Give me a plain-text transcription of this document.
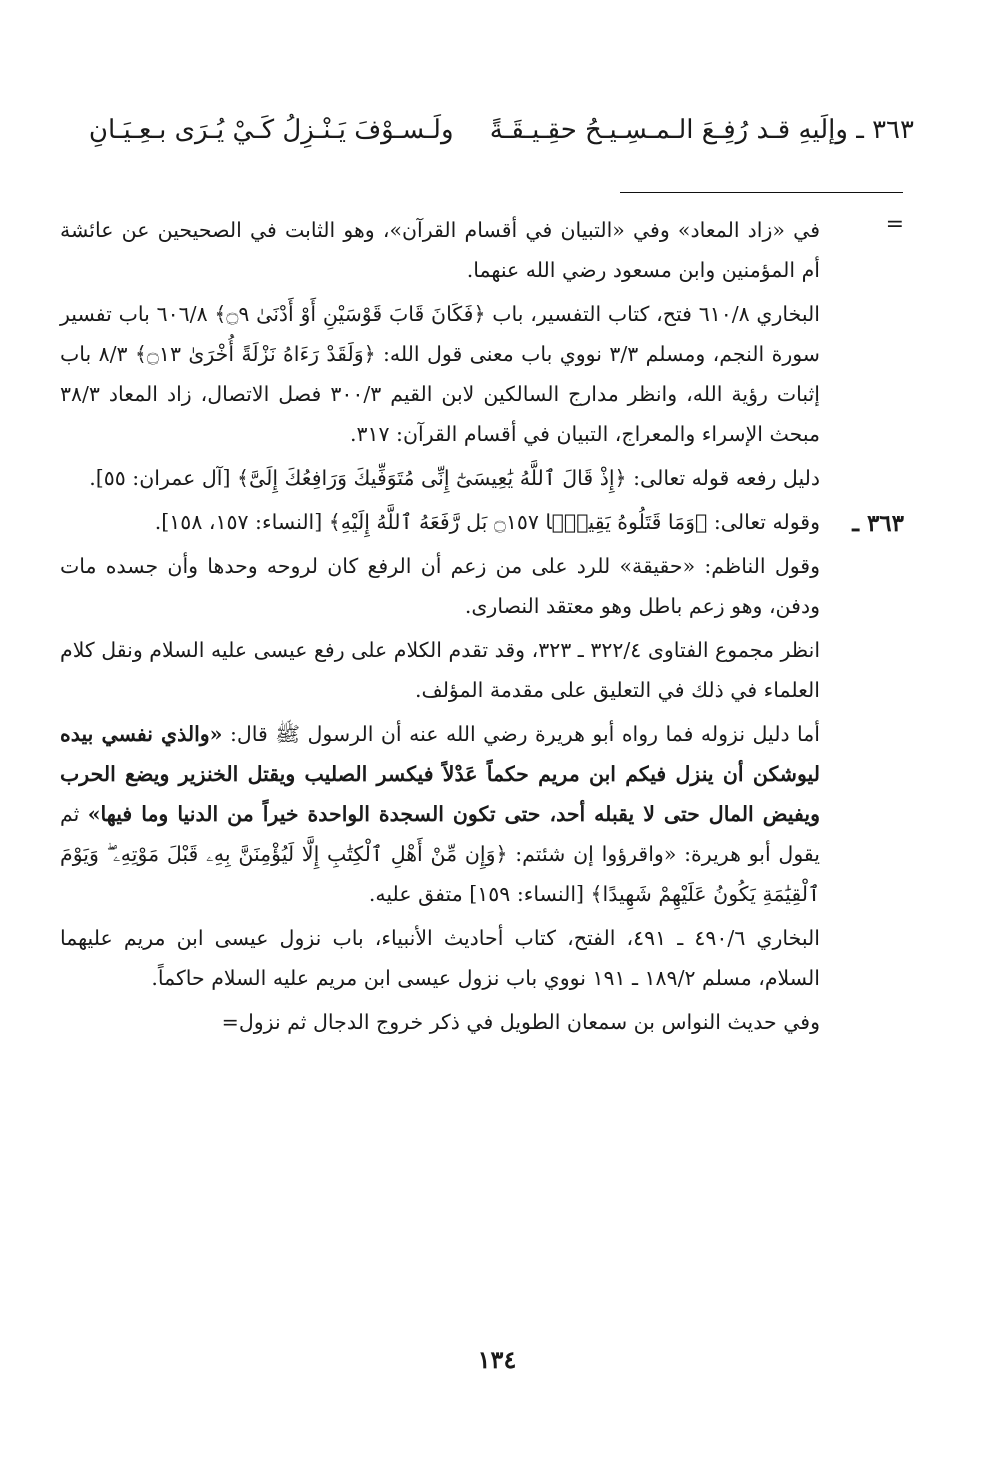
٣٦٣ ـ وإلَيهِ قـد رُفِـعَ الـمـسِـيـحُ حقِـيـقَـةً ولَـسـوْفَ يَـنْـزِلُ كَـيْ يُـرَى بـعِـيَـانِ
=
٣٦٣ ـ

في «زاد المعاد» وفي «التبيان في أقسام القرآن»، وهو الثابت في الصحيحين عن عائشة أم المؤمنين وابن مسعود رضي الله عنهما.

البخاري ٦١٠/٨ فتح، كتاب التفسير، باب ﴿فَكَانَ قَابَ قَوْسَيْنِ أَوْ أَدْنَىٰ ۝٩﴾ ٦٠٦/٨ باب تفسير سورة النجم، ومسلم ٣/٣ نووي باب معنى قول الله: ﴿وَلَقَدْ رَءَاهُ نَزْلَةً أُخْرَىٰ ۝١٣﴾ ٨/٣ باب إثبات رؤية الله، وانظر مدارج السالكين لابن القيم ٣٠٠/٣ فصل الاتصال، زاد المعاد ٣٨/٣ مبحث الإسراء والمعراج، التبيان في أقسام القرآن: ٣١٧.

دليل رفعه قوله تعالى: ﴿إِذْ قَالَ ٱللَّهُ يَٰعِيسَىٰٓ إِنِّى مُتَوَفِّيكَ وَرَافِعُكَ إِلَىَّ﴾ [آل عمران: ٥٥].

وقوله تعالى: ﴿وَمَا قَتَلُوهُ يَقِينًۢا ۝١٥٧ بَل رَّفَعَهُ ٱللَّهُ إِلَيْهِ﴾ [النساء: ١٥٧، ١٥٨].

وقول الناظم: «حقيقة» للرد على من زعم أن الرفع كان لروحه وحدها وأن جسده مات ودفن، وهو زعم باطل وهو معتقد النصارى.

انظر مجموع الفتاوى ٣٢٢/٤ ـ ٣٢٣، وقد تقدم الكلام على رفع عيسى عليه السلام ونقل كلام العلماء في ذلك في التعليق على مقدمة المؤلف.

أما دليل نزوله فما رواه أبو هريرة رضي الله عنه أن الرسول ﷺ قال: «والذي نفسي بيده ليوشكن أن ينزل فيكم ابن مريم حكماً عَدْلاً فيكسر الصليب ويقتل الخنزير ويضع الحرب ويفيض المال حتى لا يقبله أحد، حتى تكون السجدة الواحدة خيراً من الدنيا وما فيها» ثم يقول أبو هريرة: «واقرؤوا إن شئتم: ﴿وَإِن مِّنْ أَهْلِ ٱلْكِتَٰبِ إِلَّا لَيُؤْمِنَنَّ بِهِۦ قَبْلَ مَوْتِهِۦ ۖ وَيَوْمَ ٱلْقِيَٰمَةِ يَكُونُ عَلَيْهِمْ شَهِيدًا﴾ [النساء: ١٥٩] متفق عليه.

البخاري ٤٩٠/٦ ـ ٤٩١، الفتح، كتاب أحاديث الأنبياء، باب نزول عيسى ابن مريم عليهما السلام، مسلم ١٨٩/٢ ـ ١٩١ نووي باب نزول عيسى ابن مريم عليه السلام حاكماً.

وفي حديث النواس بن سمعان الطويل في ذكر خروج الدجال ثم نزول=

١٣٤
